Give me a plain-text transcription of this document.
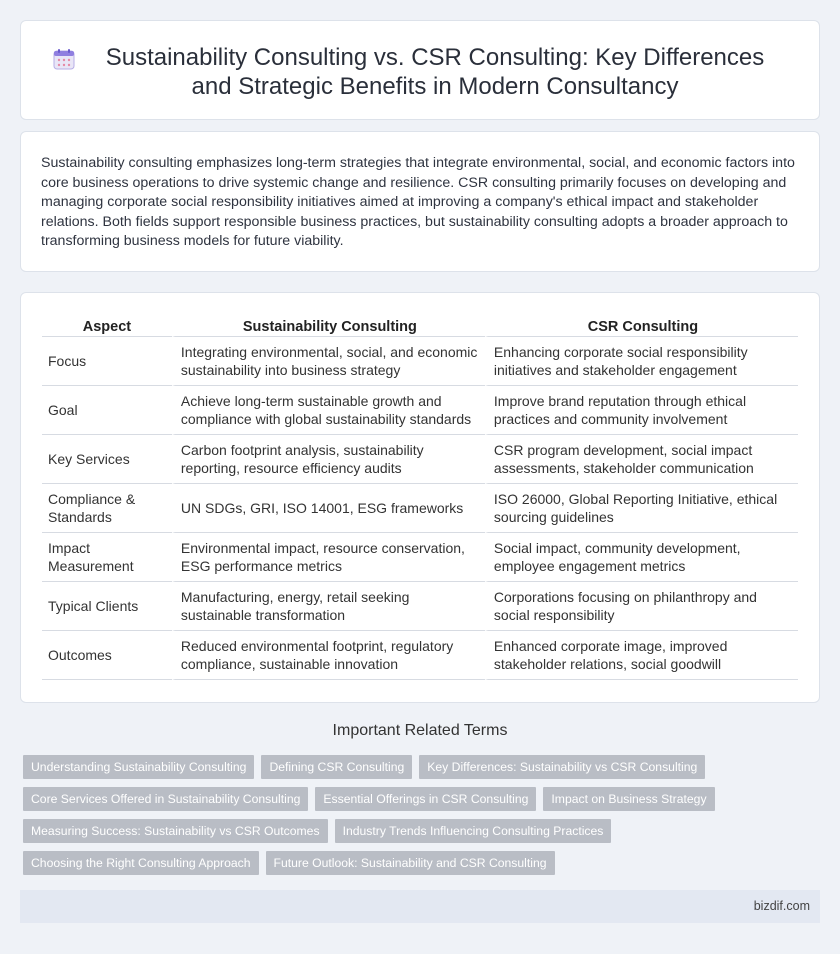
Sustainability Consulting vs. CSR Consulting: Key Differences and Strategic Benefits in Modern Consultancy

Sustainability consulting emphasizes long-term strategies that integrate environmental, social, and economic factors into core business operations to drive systemic change and resilience. CSR consulting primarily focuses on developing and managing corporate social responsibility initiatives aimed at improving a company's ethical impact and stakeholder relations. Both fields support responsible business practices, but sustainability consulting adopts a broader approach to transforming business models for future viability.

Aspect	Sustainability Consulting	CSR Consulting
Focus	Integrating environmental, social, and economic sustainability into business strategy	Enhancing corporate social responsibility initiatives and stakeholder engagement
Goal	Achieve long-term sustainable growth and compliance with global sustainability standards	Improve brand reputation through ethical practices and community involvement
Key Services	Carbon footprint analysis, sustainability reporting, resource efficiency audits	CSR program development, social impact assessments, stakeholder communication
Compliance & Standards	UN SDGs, GRI, ISO 14001, ESG frameworks	ISO 26000, Global Reporting Initiative, ethical sourcing guidelines
Impact Measurement	Environmental impact, resource conservation, ESG performance metrics	Social impact, community development, employee engagement metrics
Typical Clients	Manufacturing, energy, retail seeking sustainable transformation	Corporations focusing on philanthropy and social responsibility
Outcomes	Reduced environmental footprint, regulatory compliance, sustainable innovation	Enhanced corporate image, improved stakeholder relations, social goodwill
Important Related Terms
Understanding Sustainability Consulting	Defining CSR Consulting	Key Differences: Sustainability vs CSR Consulting
Core Services Offered in Sustainability Consulting	Essential Offerings in CSR Consulting	Impact on Business Strategy
Measuring Success: Sustainability vs CSR Outcomes	Industry Trends Influencing Consulting Practices
Choosing the Right Consulting Approach	Future Outlook: Sustainability and CSR Consulting
bizdif.com
